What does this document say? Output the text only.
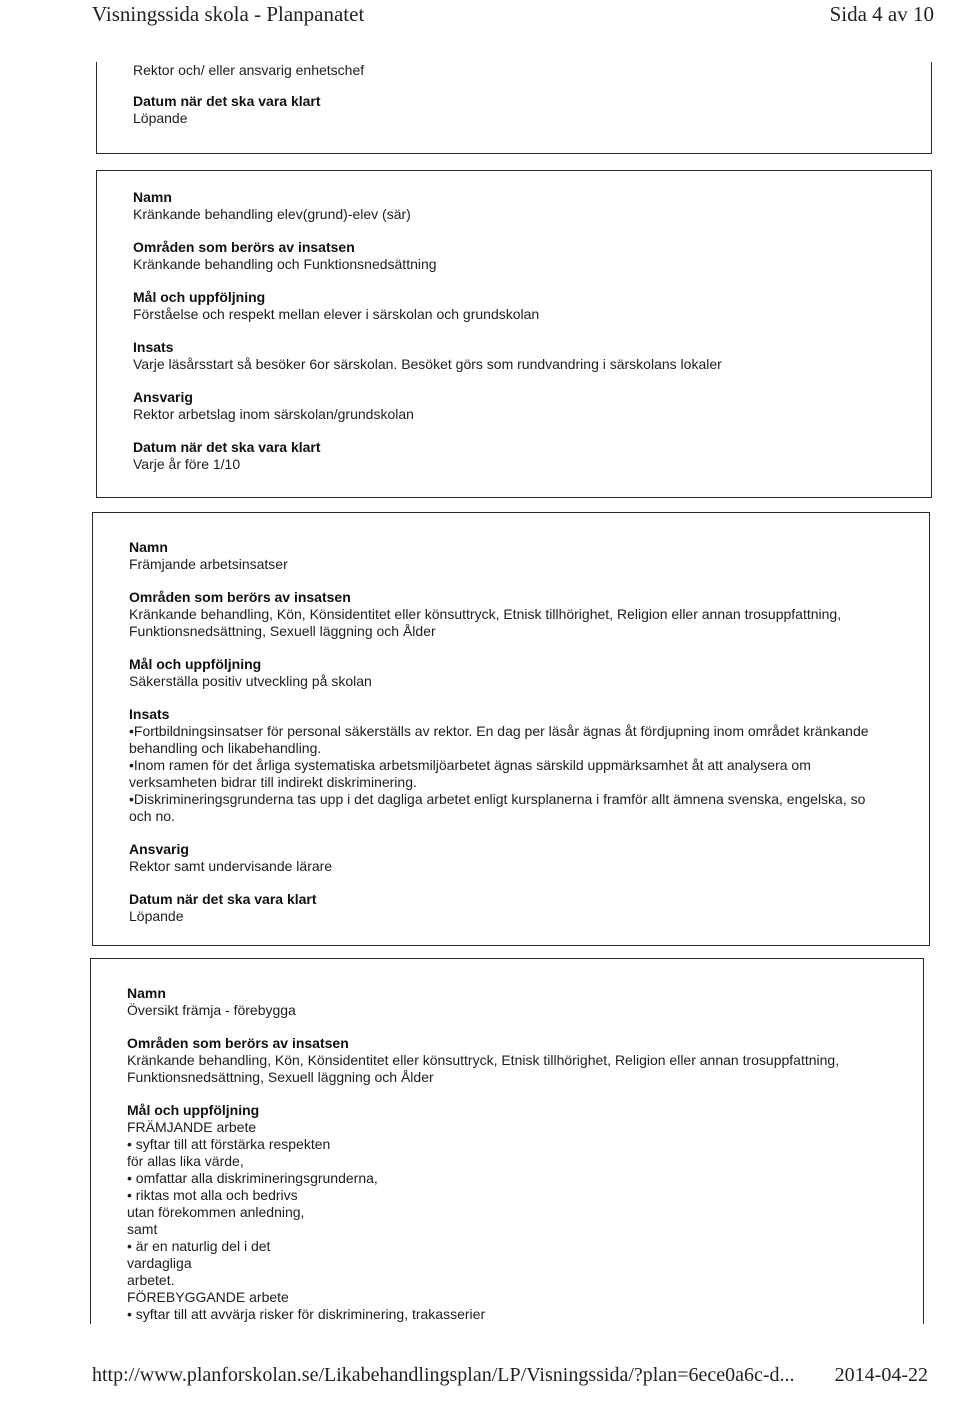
Visningssida skola - Planpanatet	Sida 4 av 10
Rektor och/ eller ansvarig enhetschef
Datum när det ska vara klart
Löpande
Namn
Kränkande behandling elev(grund)-elev (sär)
Områden som berörs av insatsen
Kränkande behandling och Funktionsnedsättning
Mål och uppföljning
Förståelse och respekt mellan elever i särskolan och grundskolan
Insats
Varje läsårsstart så besöker 6or särskolan. Besöket görs som rundvandring i särskolans lokaler
Ansvarig
Rektor arbetslag inom särskolan/grundskolan
Datum när det ska vara klart
Varje år före 1/10
Namn
Främjande arbetsinsatser
Områden som berörs av insatsen
Kränkande behandling, Kön, Könsidentitet eller könsuttryck, Etnisk tillhörighet, Religion eller annan trosuppfattning,
Funktionsnedsättning, Sexuell läggning och Ålder
Mål och uppföljning
Säkerställa positiv utveckling på skolan
Insats
•Fortbildningsinsatser för personal säkerställs av rektor. En dag per läsår ägnas åt fördjupning inom området kränkande
behandling och likabehandling.
•Inom ramen för det årliga systematiska arbetsmiljöarbetet ägnas särskild uppmärksamhet åt att analysera om
verksamheten bidrar till indirekt diskriminering.
•Diskrimineringsgrunderna tas upp i det dagliga arbetet enligt kursplanerna i framför allt ämnena svenska, engelska, so
och no.
Ansvarig
Rektor samt undervisande lärare
Datum när det ska vara klart
Löpande
Namn
Översikt främja - förebygga
Områden som berörs av insatsen
Kränkande behandling, Kön, Könsidentitet eller könsuttryck, Etnisk tillhörighet, Religion eller annan trosuppfattning,
Funktionsnedsättning, Sexuell läggning och Ålder
Mål och uppföljning
FRÄMJANDE arbete
• syftar till att förstärka respekten
för allas lika värde,
• omfattar alla diskrimineringsgrunderna,
• riktas mot alla och bedrivs
utan förekommen anledning,
samt
• är en naturlig del i det
vardagliga
arbetet.
FÖREBYGGANDE arbete
• syftar till att avvärja risker för diskriminering, trakasserier
http://www.planforskolan.se/Likabehandlingsplan/LP/Visningssida/?plan=6ece0a6c-d... 2014-04-22
